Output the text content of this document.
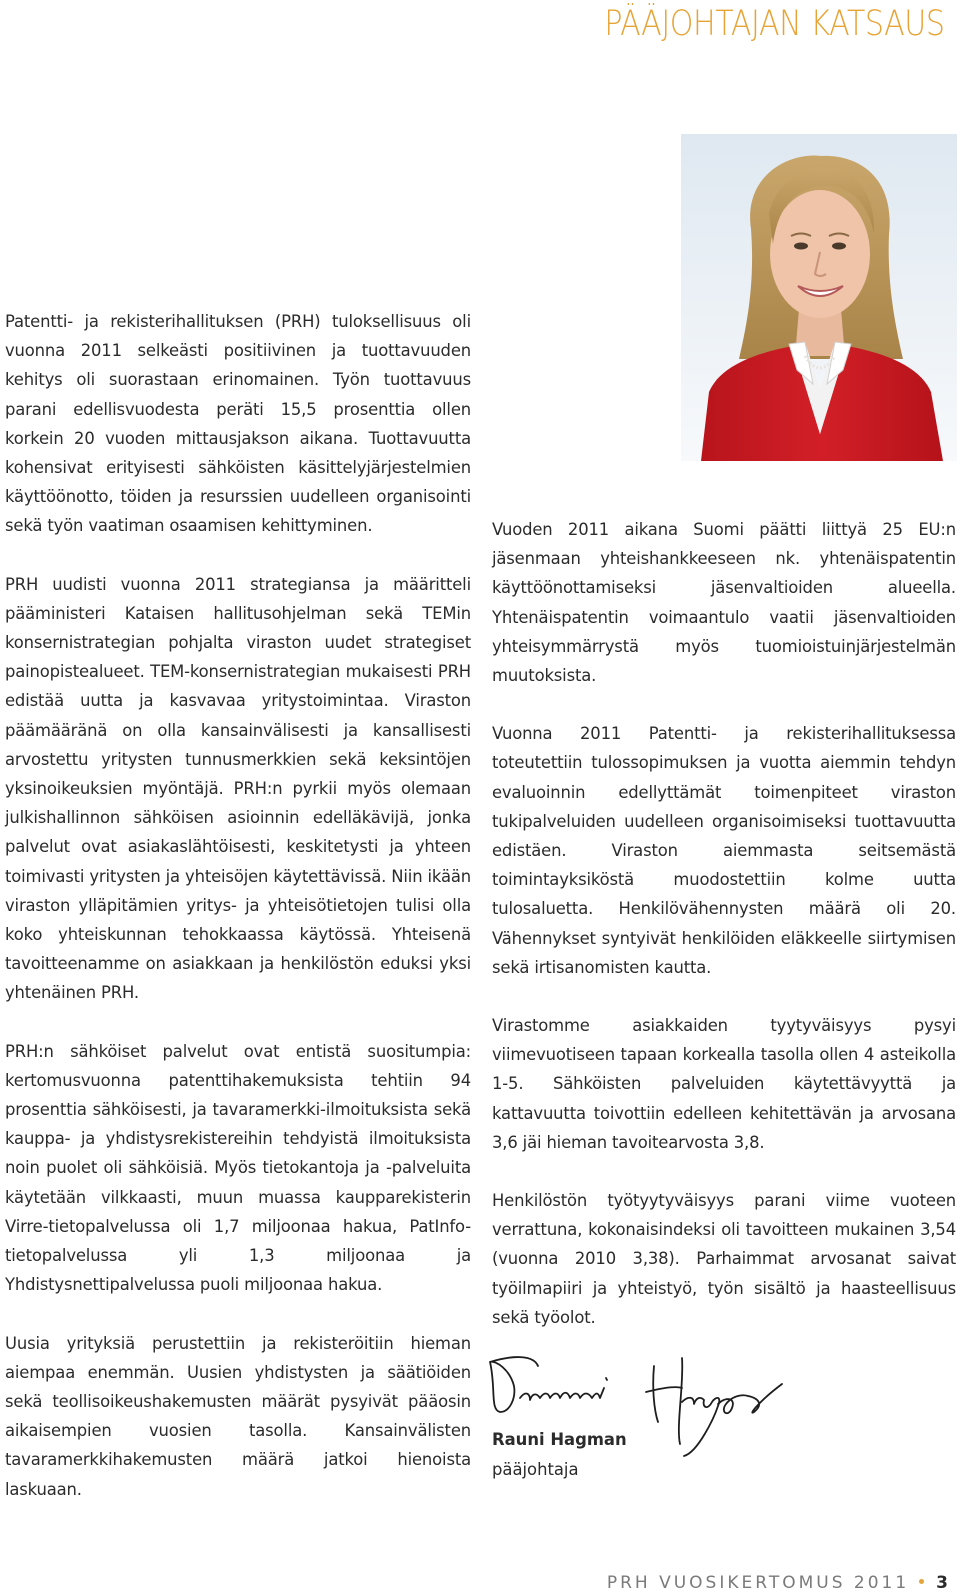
PÄÄJOHTAJAN KATSAUS

Patentti- ja rekisterihallituksen (PRH) tuloksellisuus oli vuonna 2011 selkeästi positiivinen ja tuottavuuden kehitys oli suorastaan erinomainen. Työn tuottavuus parani edellisvuodesta peräti 15,5 prosenttia ollen korkein 20 vuoden mittausjakson aikana. Tuottavuutta kohensivat erityisesti sähköisten käsittelyjärjestelmien käyttöönotto, töiden ja resurssien uudelleen organisointi sekä työn vaatiman osaamisen kehittyminen.

PRH uudisti vuonna 2011 strategiansa ja määritteli pääministeri Kataisen hallitusohjelman sekä TEMin konsernistrategian pohjalta viraston uudet strategiset painopistealueet. TEM-konsernistrategian mukaisesti PRH edistää uutta ja kasvavaa yritystoimintaa. Viraston päämääränä on olla kansainvälisesti ja kansallisesti arvostettu yritysten tunnusmerkkien sekä keksintöjen yksinoikeuksien myöntäjä. PRH:n pyrkii myös olemaan julkishallinnon sähköisen asioinnin edelläkävijä, jonka palvelut ovat asiakaslähtöisesti, keskitetysti ja yhteen toimivasti yritysten ja yhteisöjen käytettävissä. Niin ikään viraston ylläpitämien yritys- ja yhteisötietojen tulisi olla koko yhteiskunnan tehokkaassa käytössä. Yhteisenä tavoitteenamme on asiakkaan ja henkilöstön eduksi yksi yhtenäinen PRH.

PRH:n sähköiset palvelut ovat entistä suositumpia: kertomusvuonna patenttihakemuksista tehtiin 94 prosenttia sähköisesti, ja tavaramerkki-ilmoituksista sekä kauppa- ja yhdistysrekistereihin tehdyistä ilmoituksista noin puolet oli sähköisiä. Myös tietokantoja ja -palveluita käytetään vilkkaasti, muun muassa kaupparekisterin Virre-tietopalvelussa oli 1,7 miljoonaa hakua, PatInfo-tietopalvelussa yli 1,3 miljoonaa ja Yhdistysnettipalvelussa puoli miljoonaa hakua.

Uusia yrityksiä perustettiin ja rekisteröitiin hieman aiempaa enemmän. Uusien yhdistysten ja säätiöiden sekä teollisoikeushakemusten määrät pysyivät pääosin aikaisempien vuosien tasolla. Kansainvälisten tavaramerkkihakemusten määrä jatkoi hienoista laskuaan.

Vuoden 2011 aikana Suomi päätti liittyä 25 EU:n jäsenmaan yhteishankkeeseen nk. yhtenäispatentin käyttöönottamiseksi jäsenvaltioiden alueella. Yhtenäispatentin voimaantulo vaatii jäsenvaltioiden yhteisymmärrystä myös tuomioistuinjärjestelmän muutoksista.

Vuonna 2011 Patentti- ja rekisterihallituksessa toteutettiin tulossopimuksen ja vuotta aiemmin tehdyn evaluoinnin edellyttämät toimenpiteet viraston tukipalveluiden uudelleen organisoimiseksi tuottavuutta edistäen. Viraston aiemmasta seitsemästä toimintayksiköstä muodostettiin kolme uutta tulosaluetta. Henkilövähennysten määrä oli 20. Vähennykset syntyivät henkilöiden eläkkeelle siirtymisen sekä irtisanomisten kautta.

Virastomme asiakkaiden tyytyväisyys pysyi viimevuotiseen tapaan korkealla tasolla ollen 4 asteikolla 1-5. Sähköisten palveluiden käytettävyyttä ja kattavuutta toivottiin edelleen kehitettävän ja arvosana 3,6 jäi hieman tavoitearvosta 3,8.

Henkilöstön työtyytyväisyys parani viime vuoteen verrattuna, kokonaisindeksi oli tavoitteen mukainen 3,54 (vuonna 2010 3,38). Parhaimmat arvosanat saivat työilmapiiri ja yhteistyö, työn sisältö ja haasteellisuus sekä työolot.

Rauni Hagman
pääjohtaja
PRH VUOSIKERTOMUS 2011 3
